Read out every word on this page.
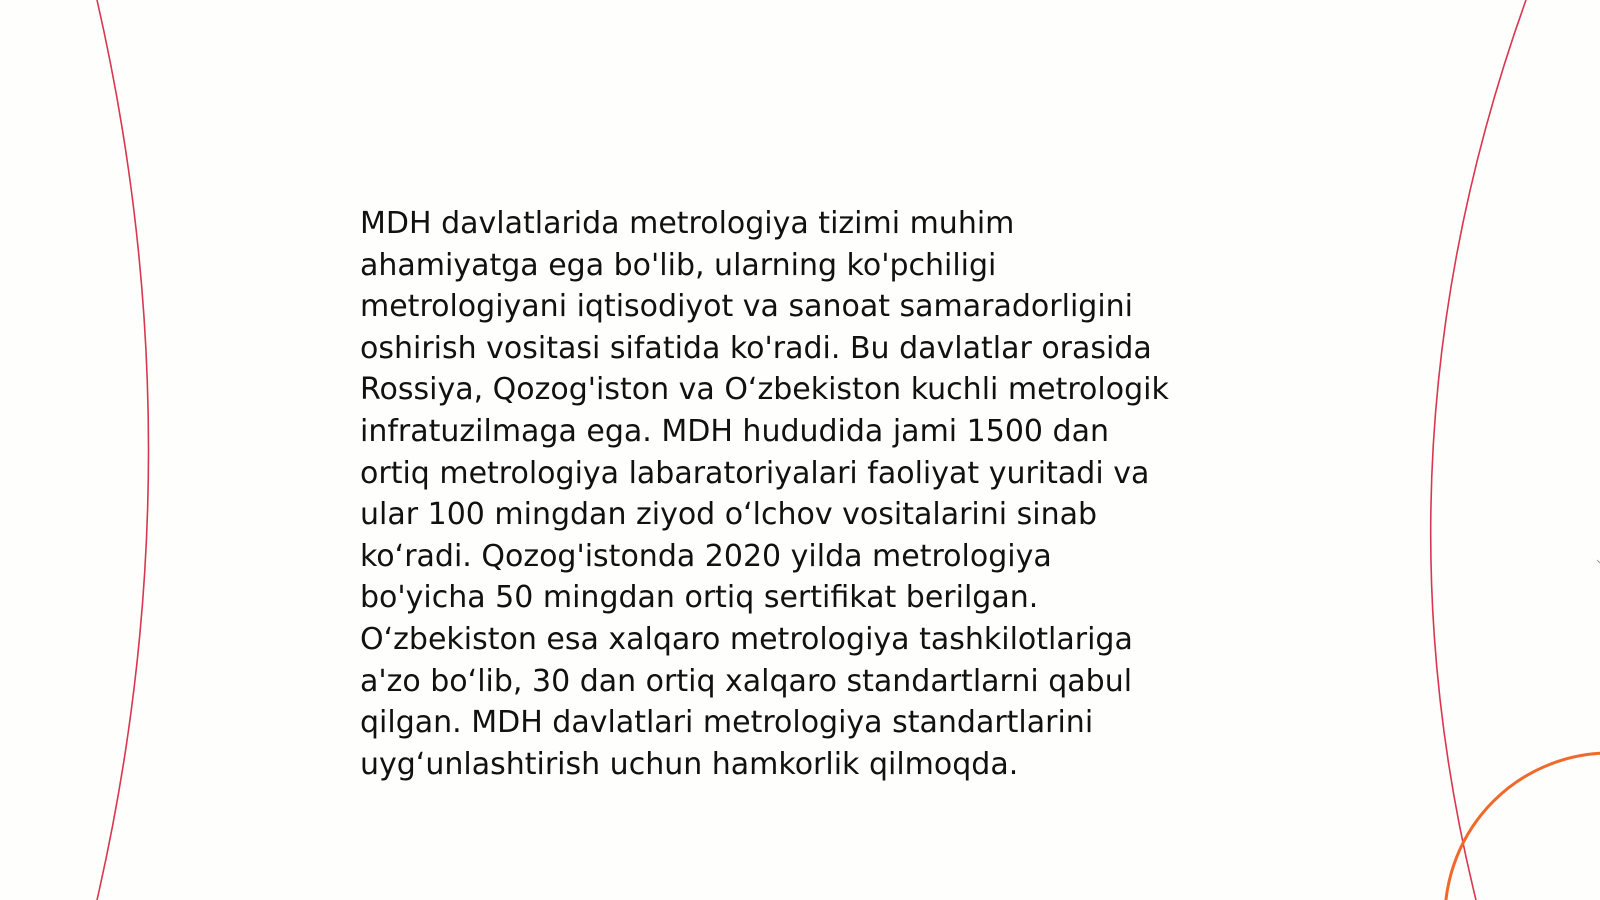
MDH davlatlarida metrologiya tizimi muhim
ahamiyatga ega bo'lib, ularning ko'pchiligi
metrologiyani iqtisodiyot va sanoat samaradorligini
oshirish vositasi sifatida ko'radi. Bu davlatlar orasida
Rossiya, Qozog'iston va O‘zbekiston kuchli metrologik
infratuzilmaga ega. MDH hududida jami 1500 dan
ortiq metrologiya labaratoriyalari faoliyat yuritadi va
ular 100 mingdan ziyod o‘lchov vositalarini sinab
ko‘radi. Qozog'istonda 2020 yilda metrologiya
bo'yicha 50 mingdan ortiq sertifikat berilgan.
O‘zbekiston esa xalqaro metrologiya tashkilotlariga
a'zo bo‘lib, 30 dan ortiq xalqaro standartlarni qabul
qilgan. MDH davlatlari metrologiya standartlarini
uyg‘unlashtirish uchun hamkorlik qilmoqda.
